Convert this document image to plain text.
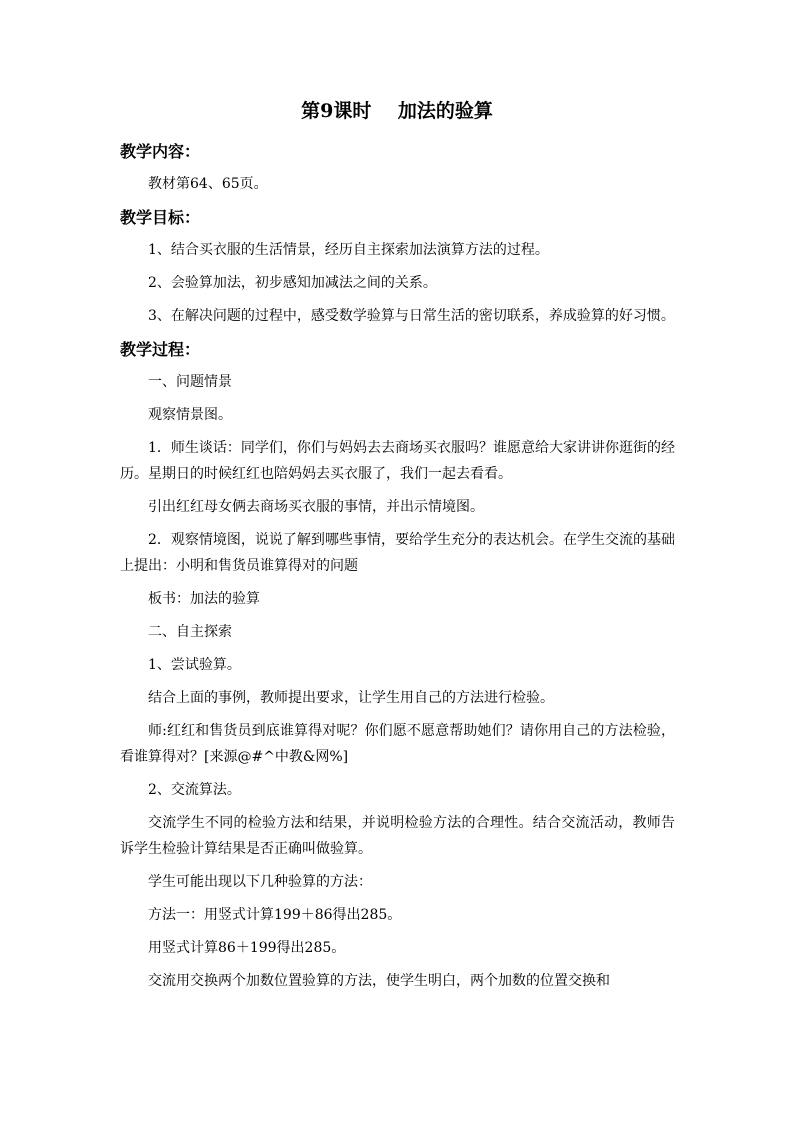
第9课时    加法的验算
教学内容：

教材第64、65页。

教学目标：

1、结合买衣服的生活情景，经历自主探索加法演算方法的过程。

2、会验算加法，初步感知加减法之间的关系。

3、在解决问题的过程中，感受数学验算与日常生活的密切联系，养成验算的好习惯。

教学过程：

一、问题情景

观察情景图。

1．师生谈话：同学们，你们与妈妈去去商场买衣服吗？谁愿意给大家讲讲你逛街的经历。星期日的时候红红也陪妈妈去买衣服了，我们一起去看看。

引出红红母女俩去商场买衣服的事情，并出示情境图。

2．观察情境图，说说了解到哪些事情，要给学生充分的表达机会。在学生交流的基础上提出：小明和售货员谁算得对的问题

板书：加法的验算

二、自主探索

1、尝试验算。

结合上面的事例，教师提出要求，让学生用自己的方法进行检验。

师:红红和售货员到底谁算得对呢？你们愿不愿意帮助她们？请你用自己的方法检验，看谁算得对？[来源@#^中教&网%]

2、交流算法。

交流学生不同的检验方法和结果，并说明检验方法的合理性。结合交流活动，教师告诉学生检验计算结果是否正确叫做验算。

学生可能出现以下几种验算的方法：

方法一：用竖式计算199＋86得出285。

用竖式计算86＋199得出285。

交流用交换两个加数位置验算的方法，使学生明白，两个加数的位置交换和
